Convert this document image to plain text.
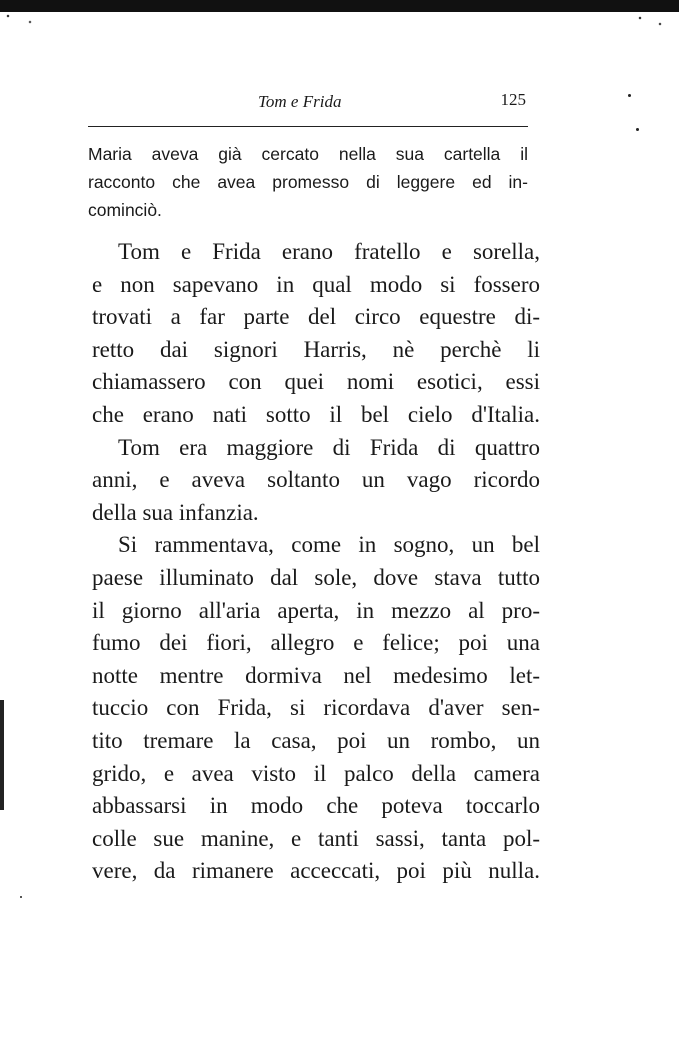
Tom e Frida	125
Maria aveva già cercato nella sua cartella il
racconto che avea promesso di leggere ed in-
cominciò.
Tom e Frida erano fratello e sorella,
e non sapevano in qual modo si fossero
trovati a far parte del circo equestre di-
retto dai signori Harris, nè perchè li
chiamassero con quei nomi esotici, essi
che erano nati sotto il bel cielo d'Italia.
Tom era maggiore di Frida di quattro
anni, e aveva soltanto un vago ricordo
della sua infanzia.
Si rammentava, come in sogno, un bel
paese illuminato dal sole, dove stava tutto
il giorno all'aria aperta, in mezzo al pro-
fumo dei fiori, allegro e felice; poi una
notte mentre dormiva nel medesimo let-
tuccio con Frida, si ricordava d'aver sen-
tito tremare la casa, poi un rombo, un
grido, e avea visto il palco della camera
abbassarsi in modo che poteva toccarlo
colle sue manine, e tanti sassi, tanta pol-
vere, da rimanere acceccati, poi più nulla.
